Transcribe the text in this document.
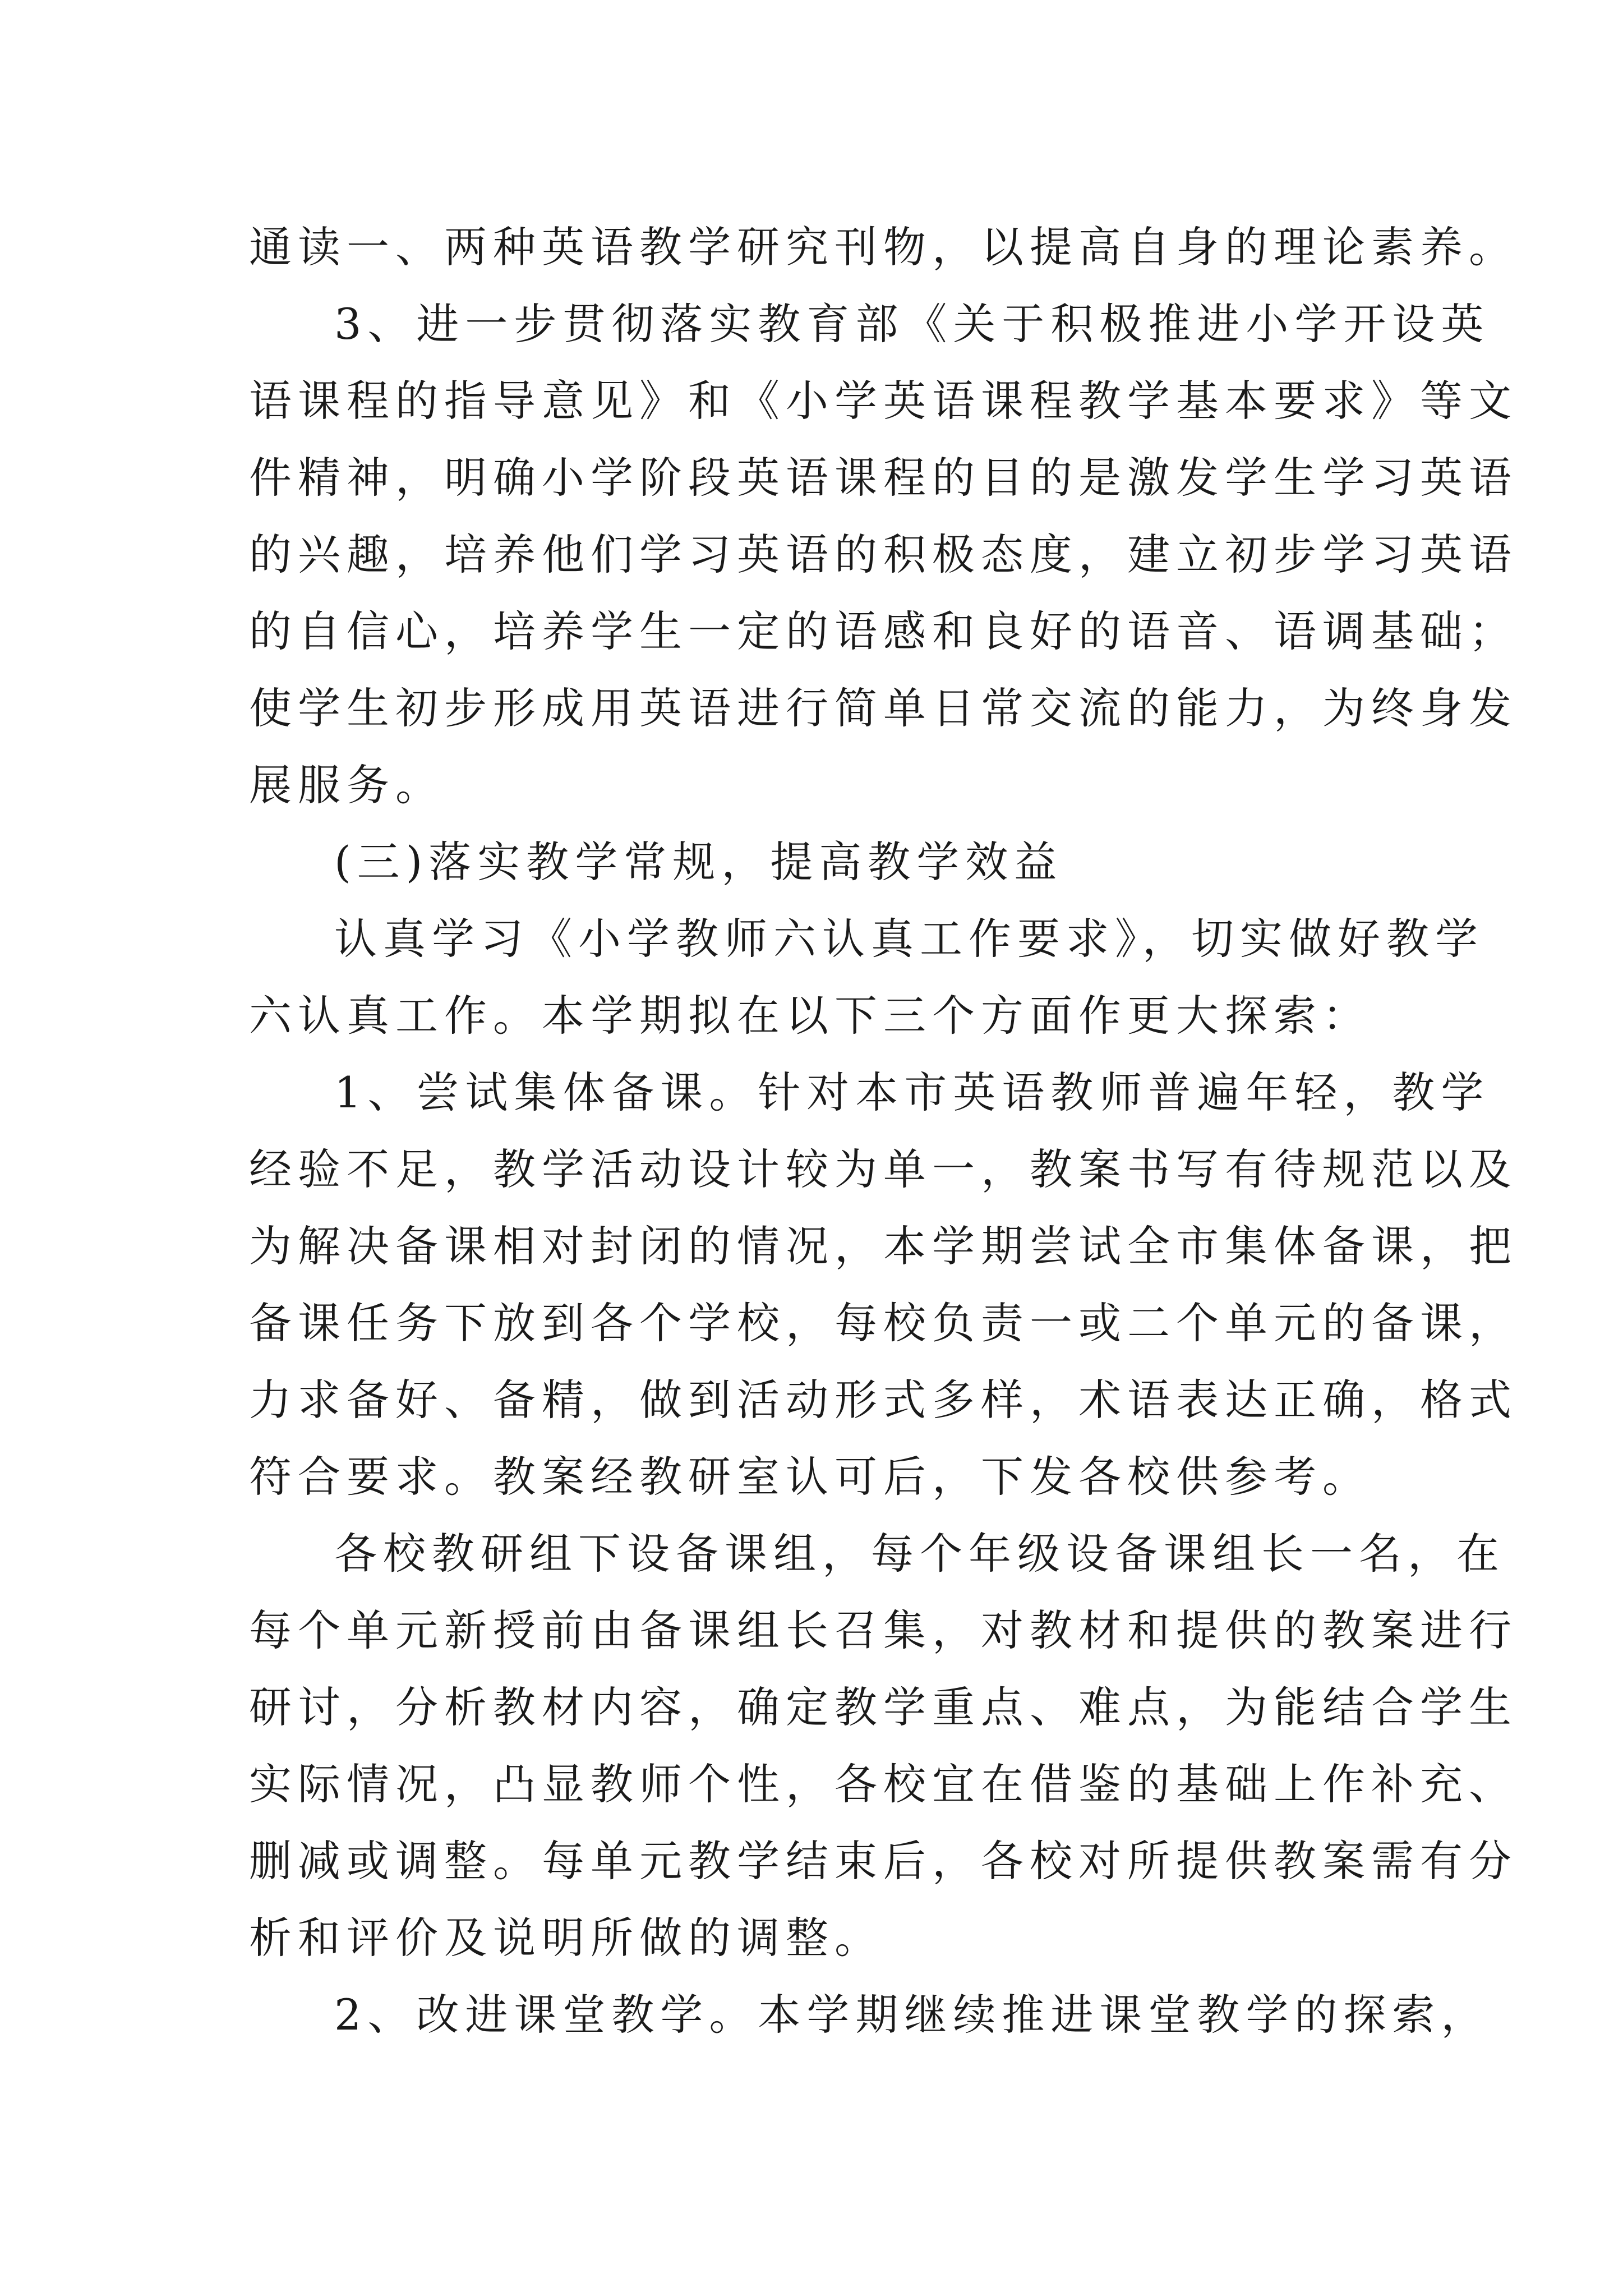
通读一、两种英语教学研究刊物，以提高自身的理论素养。
3、进一步贯彻落实教育部《关于积极推进小学开设英
语课程的指导意见》和《小学英语课程教学基本要求》等文
件精神，明确小学阶段英语课程的目的是激发学生学习英语
的兴趣，培养他们学习英语的积极态度，建立初步学习英语
的自信心，培养学生一定的语感和良好的语音、语调基础；
使学生初步形成用英语进行简单日常交流的能力，为终身发
展服务。
(三)落实教学常规，提高教学效益
认真学习《小学教师六认真工作要求》，切实做好教学
六认真工作。本学期拟在以下三个方面作更大探索：
1、尝试集体备课。针对本市英语教师普遍年轻，教学
经验不足，教学活动设计较为单一，教案书写有待规范以及
为解决备课相对封闭的情况，本学期尝试全市集体备课，把
备课任务下放到各个学校，每校负责一或二个单元的备课，
力求备好、备精，做到活动形式多样，术语表达正确，格式
符合要求。教案经教研室认可后，下发各校供参考。
各校教研组下设备课组，每个年级设备课组长一名，在
每个单元新授前由备课组长召集，对教材和提供的教案进行
研讨，分析教材内容，确定教学重点、难点，为能结合学生
实际情况，凸显教师个性，各校宜在借鉴的基础上作补充、
删减或调整。每单元教学结束后，各校对所提供教案需有分
析和评价及说明所做的调整。
2、改进课堂教学。本学期继续推进课堂教学的探索，
